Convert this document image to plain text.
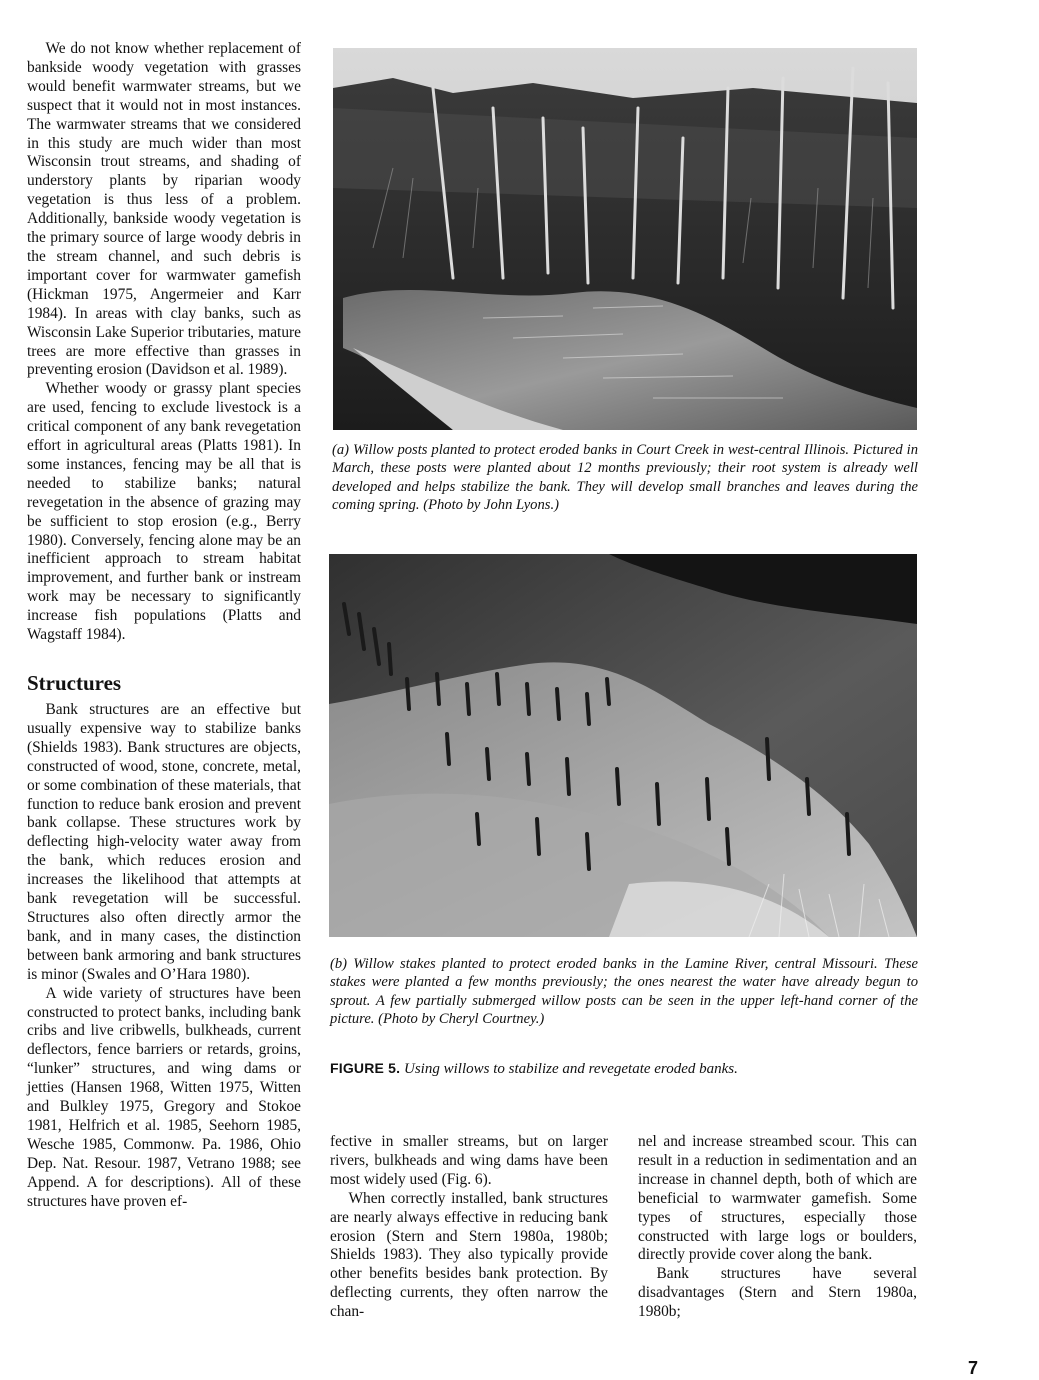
We do not know whether replacement of bankside woody vegetation with grasses would benefit warmwater streams, but we suspect that it would not in most instances. The warmwater streams that we considered in this study are much wider than most Wisconsin trout streams, and shading of understory plants by riparian woody vegetation is thus less of a problem. Additionally, bankside woody vegetation is the primary source of large woody debris in the stream channel, and such debris is important cover for warmwater gamefish (Hickman 1975, Angermeier and Karr 1984). In areas with clay banks, such as Wisconsin Lake Superior tributaries, mature trees are more effective than grasses in preventing erosion (Davidson et al. 1989).

Whether woody or grassy plant species are used, fencing to exclude livestock is a critical component of any bank revegetation effort in agricultural areas (Platts 1981). In some instances, fencing may be all that is needed to stabilize banks; natural revegetation in the absence of grazing may be sufficient to stop erosion (e.g., Berry 1980). Conversely, fencing alone may be an inefficient approach to stream habitat improvement, and further bank or instream work may be necessary to significantly increase fish populations (Platts and Wagstaff 1984).

Structures

Bank structures are an effective but usually expensive way to stabilize banks (Shields 1983). Bank structures are objects, constructed of wood, stone, concrete, metal, or some combination of these materials, that function to reduce bank erosion and prevent bank collapse. These structures work by deflecting high-velocity water away from the bank, which reduces erosion and increases the likelihood that attempts at bank revegetation will be successful. Structures also often directly armor the bank, and in many cases, the distinction between bank armoring and bank structures is minor (Swales and O’Hara 1980).

A wide variety of structures have been constructed to protect banks, including bank cribs and live cribwells, bulkheads, current deflectors, fence barriers or retards, groins, “lunker” structures, and wing dams or jetties (Hansen 1968, Witten 1975, Witten and Bulkley 1975, Gregory and Stokoe 1981, Helfrich et al. 1985, Seehorn 1985, Wesche 1985, Commonw. Pa. 1986, Ohio Dep. Nat. Resour. 1987, Vetrano 1988; see Append. A for descriptions). All of these structures have proven ef-

(a) Willow posts planted to protect eroded banks in Court Creek in west-central Illinois. Pictured in March, these posts were planted about 12 months previously; their root system is already well developed and helps stabilize the bank. They will develop small branches and leaves during the coming spring. (Photo by John Lyons.)
(b) Willow stakes planted to protect eroded banks in the Lamine River, central Missouri. These stakes were planted a few months previously; the ones nearest the water have already begun to sprout. A few partially submerged willow posts can be seen in the upper left-hand corner of the picture. (Photo by Cheryl Courtney.)
FIGURE 5. Using willows to stabilize and revegetate eroded banks.

fective in smaller streams, but on larger rivers, bulkheads and wing dams have been most widely used (Fig. 6).

When correctly installed, bank structures are nearly always effective in reducing bank erosion (Stern and Stern 1980a, 1980b; Shields 1983). They also typically provide other benefits besides bank protection. By deflecting currents, they often narrow the chan-

nel and increase streambed scour. This can result in a reduction in sedimentation and an increase in channel depth, both of which are beneficial to warmwater gamefish. Some types of structures, especially those constructed with large logs or boulders, directly provide cover along the bank.

Bank structures have several disadvantages (Stern and Stern 1980a, 1980b;

7
